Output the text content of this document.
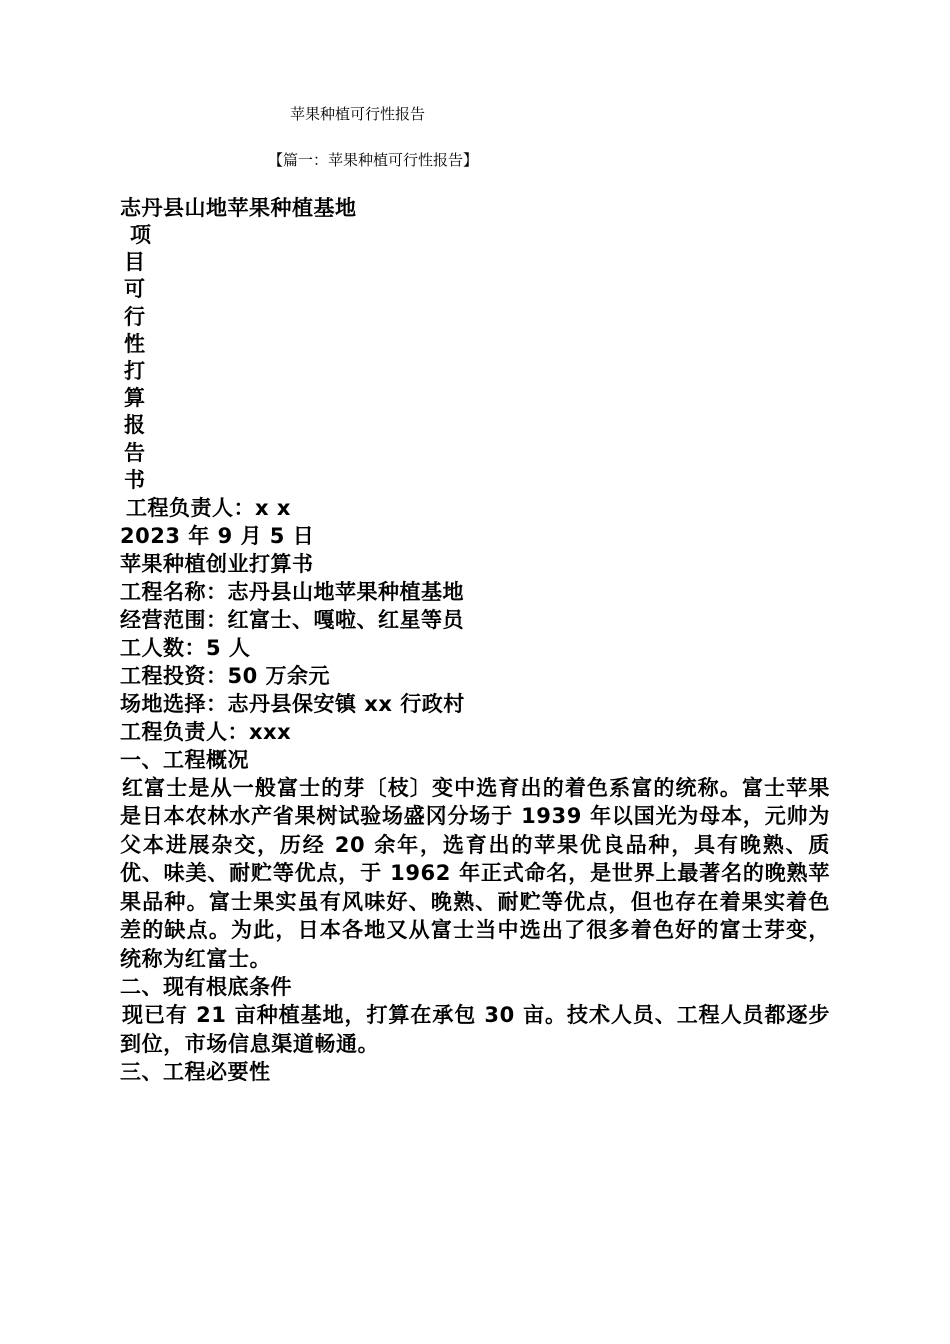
苹果种植可行性报告
【篇一：苹果种植可行性报告】
志丹县山地苹果种植基地
项
目
可
行
性
打
算
报
告
书
工程负责人：x x
2023 年 9 月 5 日
苹果种植创业打算书
工程名称：志丹县山地苹果种植基地
经营范围：红富士、嘎啦、红星等员
工人数：5 人
工程投资：50 万余元
场地选择：志丹县保安镇 xx 行政村
工程负责人：xxx
一、工程概况
红富士是从一般富士的芽〔枝〕变中选育出的着色系富的统称。富士苹果是日本农林水产省果树试验场盛冈分场于 1939 年以国光为母本，元帅为父本进展杂交，历经 20 余年，选育出的苹果优良品种，具有晚熟、质优、味美、耐贮等优点，于 1962 年正式命名，是世界上最著名的晚熟苹果品种。富士果实虽有风味好、晚熟、耐贮等优点，但也存在着果实着色差的缺点。为此，日本各地又从富士当中选出了很多着色好的富士芽变，统称为红富士。
二、现有根底条件
现已有 21 亩种植基地，打算在承包 30 亩。技术人员、工程人员都逐步到位，市场信息渠道畅通。
三、工程必要性
